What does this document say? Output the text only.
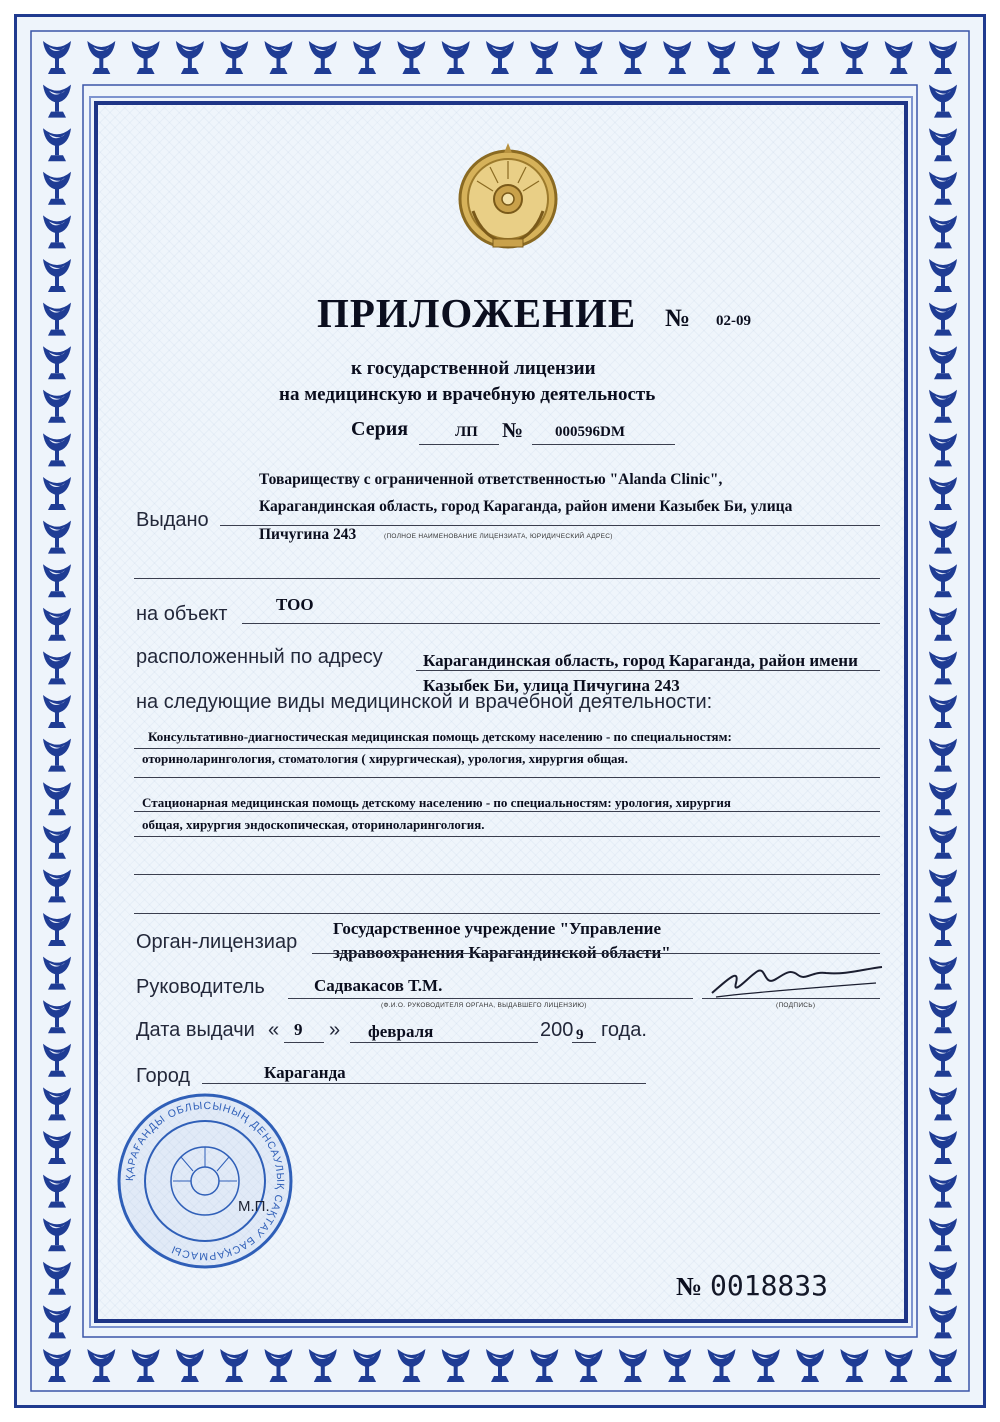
ПРИЛОЖЕНИЕ № 02-09
к государственной лицензии
на медицинскую и врачебную деятельность
Серия	ЛП № 000596DM
Выдано
Товариществу с ограниченной ответственностью "Alanda Clinic",
Карагандинская область, город Караганда, район имени Казыбек Би, улица
Пичугина 243	(ПОЛНОЕ НАИМЕНОВАНИЕ ЛИЦЕНЗИАТА, ЮРИДИЧЕСКИЙ АДРЕС)
на объект	ТОО
расположенный по адресу Карагандинская область, город Караганда, район имени
Казыбек Би, улица Пичугина 243
на следующие виды медицинской и врачебной деятельности:
Консультативно-диагностическая медицинская помощь детскому населению - по специальностям:
оториноларингология, стоматология ( хирургическая), урология, хирургия общая.
Стационарная медицинская помощь детскому населению - по специальностям: урология, хирургия
общая, хирургия эндоскопическая, оториноларингология.
Орган-лицензиар
Государственное учреждение "Управление
здравоохранения Карагандинской области"
Руководитель	Садвакасов Т.М.
(Ф.И.О. РУКОВОДИТЕЛЯ ОРГАНА, ВЫДАВШЕГО ЛИЦЕНЗИЮ)	(ПОДПИСЬ)
Дата выдачи « 9 » февраля	200 9 года.
Город	Караганда
ҚАРАҒАНДЫ ОБЛЫСЫНЫҢ ДЕНСАУЛЫҚ САҚТАУ БАСҚАРМАСЫ
М.П.
№ 0018833
